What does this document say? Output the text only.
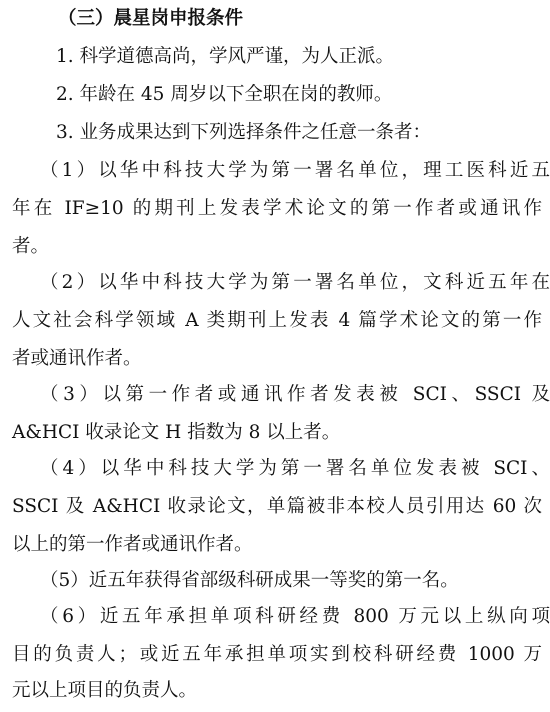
（三）晨星岗申报条件
1. 科学道德高尚，学风严谨，为人正派。
2. 年龄在 45 周岁以下全职在岗的教师。
3. 业务成果达到下列选择条件之任意一条者：
（1）以华中科技大学为第一署名单位，理工医科近五
年在 IF≥10 的期刊上发表学术论文的第一作者或通讯作
者。
（2）以华中科技大学为第一署名单位，文科近五年在
人文社会科学领域 A 类期刊上发表 4 篇学术论文的第一作
者或通讯作者。
（3）以第一作者或通讯作者发表被 SCI、SSCI 及
A&HCI 收录论文 H 指数为 8 以上者。
（4）以华中科技大学为第一署名单位发表被 SCI、
SSCI 及 A&HCI 收录论文，单篇被非本校人员引用达 60 次
以上的第一作者或通讯作者。
（5）近五年获得省部级科研成果一等奖的第一名。
（6）近五年承担单项科研经费 800 万元以上纵向项
目的负责人；或近五年承担单项实到校科研经费 1000 万
元以上项目的负责人。
